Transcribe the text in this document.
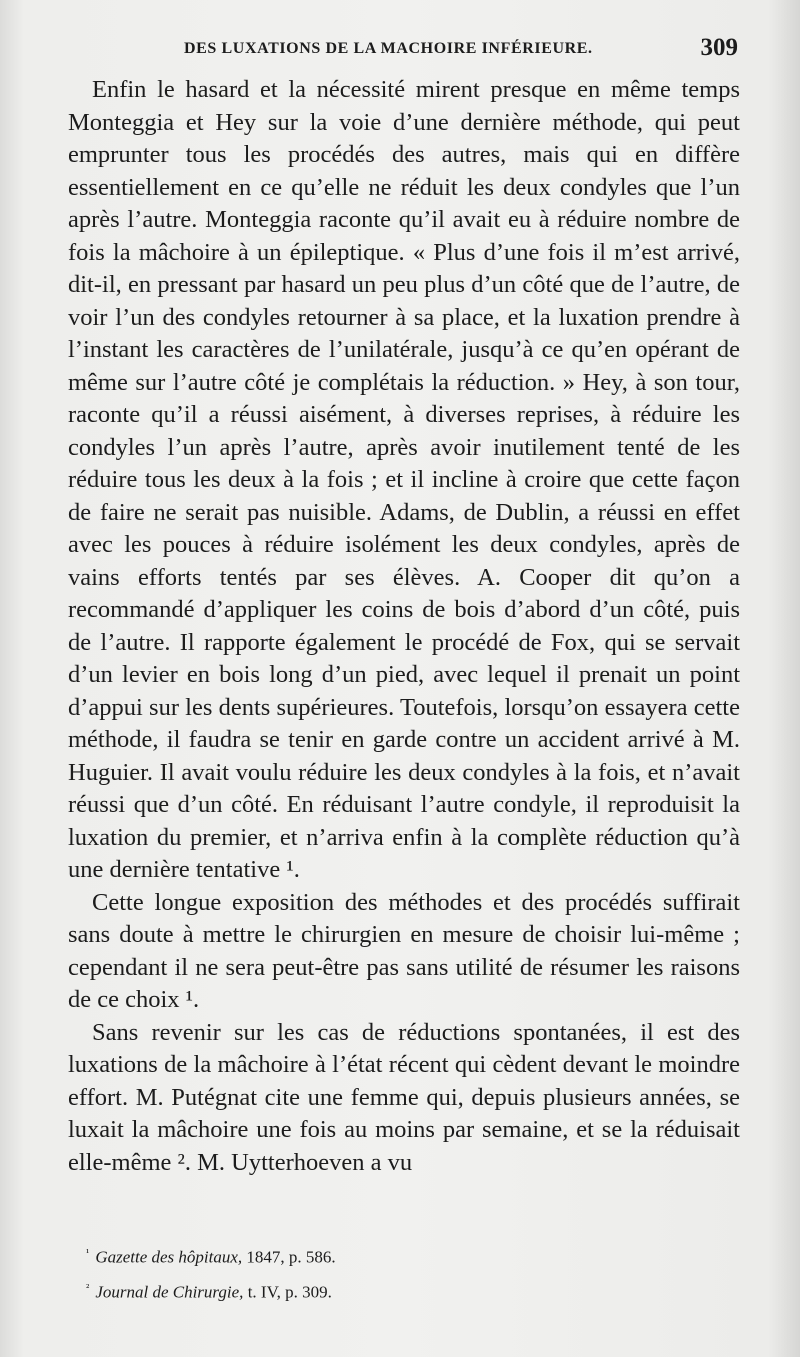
DES LUXATIONS DE LA MACHOIRE INFÉRIEURE.	309

Enfin le hasard et la nécessité mirent presque en même temps Monteggia et Hey sur la voie d’une dernière méthode, qui peut emprunter tous les procédés des autres, mais qui en diffère essentiellement en ce qu’elle ne réduit les deux condyles que l’un après l’autre. Monteggia raconte qu’il avait eu à réduire nombre de fois la mâchoire à un épileptique. « Plus d’une fois il m’est arrivé, dit-il, en pressant par hasard un peu plus d’un côté que de l’autre, de voir l’un des condyles retourner à sa place, et la luxation prendre à l’instant les caractères de l’unilatérale, jusqu’à ce qu’en opérant de même sur l’autre côté je complétais la réduction. » Hey, à son tour, raconte qu’il a réussi aisément, à diverses reprises, à réduire les condyles l’un après l’autre, après avoir inutilement tenté de les réduire tous les deux à la fois ; et il incline à croire que cette façon de faire ne serait pas nuisible. Adams, de Dublin, a réussi en effet avec les pouces à réduire isolément les deux condyles, après de vains efforts tentés par ses élèves. A. Cooper dit qu’on a recommandé d’appliquer les coins de bois d’abord d’un côté, puis de l’autre. Il rapporte également le procédé de Fox, qui se servait d’un levier en bois long d’un pied, avec lequel il prenait un point d’appui sur les dents supérieures. Toutefois, lorsqu’on essayera cette méthode, il faudra se tenir en garde contre un accident arrivé à M. Huguier. Il avait voulu réduire les deux condyles à la fois, et n’avait réussi que d’un côté. En réduisant l’autre condyle, il reproduisit la luxation du premier, et n’arriva enfin à la complète réduction qu’à une dernière tentative ¹.

Cette longue exposition des méthodes et des procédés suffirait sans doute à mettre le chirurgien en mesure de choisir lui-même ; cependant il ne sera peut-être pas sans utilité de résumer les raisons de ce choix ¹.

Sans revenir sur les cas de réductions spontanées, il est des luxations de la mâchoire à l’état récent qui cèdent devant le moindre effort. M. Putégnat cite une femme qui, depuis plusieurs années, se luxait la mâchoire une fois au moins par semaine, et se la réduisait elle-même ². M. Uytterhoeven a vu

$^{^1}$ Gazette des hôpitaux, 1847, p. 586.

$^{^2}$ Journal de Chirurgie, t. IV, p. 309.
